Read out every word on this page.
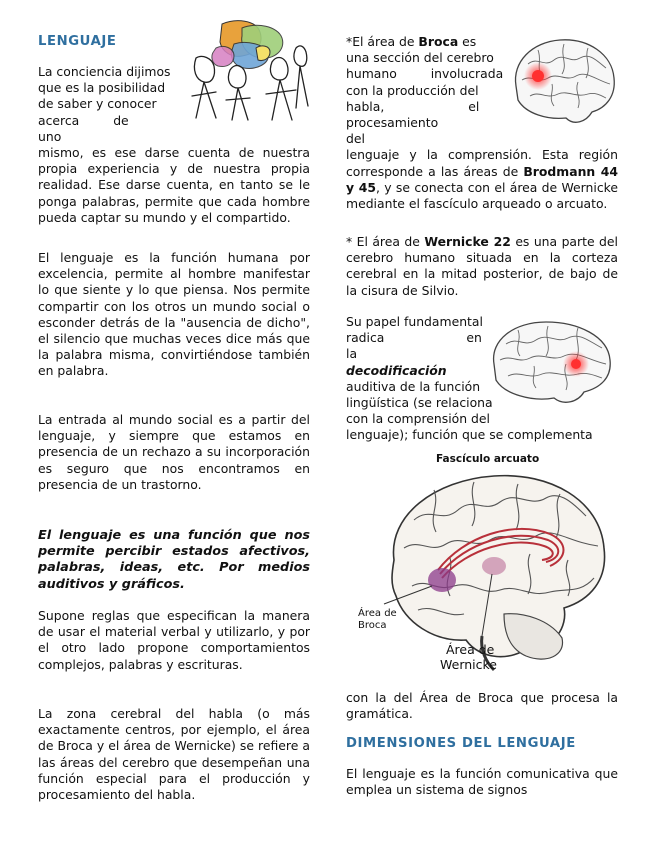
LENGUAJE

La conciencia dijimos

que es la posibilidad

de saber y conocer

acerca de uno

mismo, es ese darse cuenta de nuestra propia experiencia y de nuestra propia realidad. Ese darse cuenta, en tanto se le ponga palabras, permite que cada hombre pueda captar su mundo y el compartido.

El lenguaje es la función humana por excelencia, permite al hombre manifestar lo que siente y lo que piensa. Nos permite compartir con los otros un mundo social o esconder detrás de la "ausencia de dicho", el silencio que muchas veces dice más que la palabra misma, convirtiéndose también en palabra.

La entrada al mundo social es a partir del lenguaje, y siempre que estamos en presencia de un rechazo a su incorporación es seguro que nos encontramos en presencia de un trastorno.

El lenguaje es una función que nos permite percibir estados afectivos, palabras, ideas, etc. Por medios auditivos y gráficos.

Supone reglas que especifican la manera de usar el material verbal y utilizarlo, y por el otro lado propone comportamientos complejos, palabras y escrituras.

La zona cerebral del habla (o más exactamente centros, por ejemplo, el área de Broca y el área de Wernicke) se refiere a las áreas del cerebro que desempeñan una función especial para el producción y procesamiento del habla.

*El área de Broca es

una sección del cerebro

humano involucrada

con la producción del

habla, el

procesamiento del

lenguaje y la comprensión. Esta región corresponde a las áreas de Brodmann 44 y 45, y se conecta con el área de Wernicke mediante el fascículo arqueado o arcuato.

* El área de Wernicke 22 es una parte del cerebro humano situada en la corteza cerebral en la mitad posterior, de bajo de la cisura de Silvio.

Su papel fundamental

radica en la

decodificación

auditiva de la función

lingüística (se relaciona

con la comprensión del

lenguaje); función que se complementa

Fascículo arcuato
Área de
Broca
Área de
Wernicke

con la del Área de Broca que procesa la gramática.

DIMENSIONES DEL LENGUAJE

El lenguaje es la función comunicativa que emplea un sistema de signos
